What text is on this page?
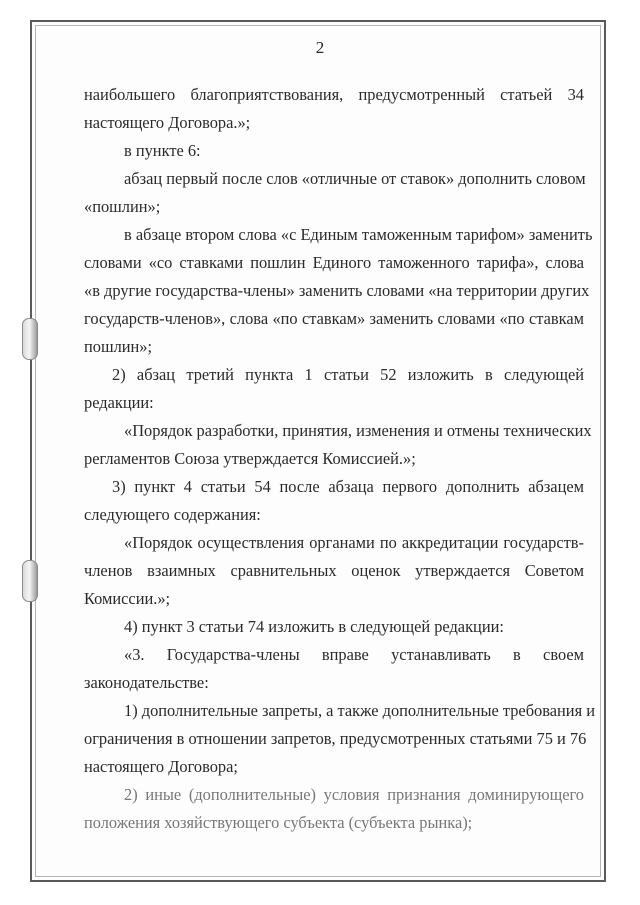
2
наибольшего благоприятствования, предусмотренный статьей 34
настоящего Договора.»;
в пункте 6:
абзац первый после слов «отличные от ставок» дополнить словом
«пошлин»;
в абзаце втором слова «с Единым таможенным тарифом» заменить
словами «со ставками пошлин Единого таможенного тарифа», слова
«в другие государства-члены» заменить словами «на территории других
государств-членов», слова «по ставкам» заменить словами «по ставкам
пошлин»;
2) абзац третий пункта 1 статьи 52 изложить в следующей
редакции:
«Порядок разработки, принятия, изменения и отмены технических
регламентов Союза утверждается Комиссией.»;
3) пункт 4 статьи 54 после абзаца первого дополнить абзацем
следующего содержания:
«Порядок осуществления органами по аккредитации государств-
членов взаимных сравнительных оценок утверждается Советом
Комиссии.»;
4) пункт 3 статьи 74 изложить в следующей редакции:
«3. Государства-члены вправе устанавливать в своем
законодательстве:
1) дополнительные запреты, а также дополнительные требования и
ограничения в отношении запретов, предусмотренных статьями 75 и 76
настоящего Договора;
2) иные (дополнительные) условия признания доминирующего
положения хозяйствующего субъекта (субъекта рынка);
